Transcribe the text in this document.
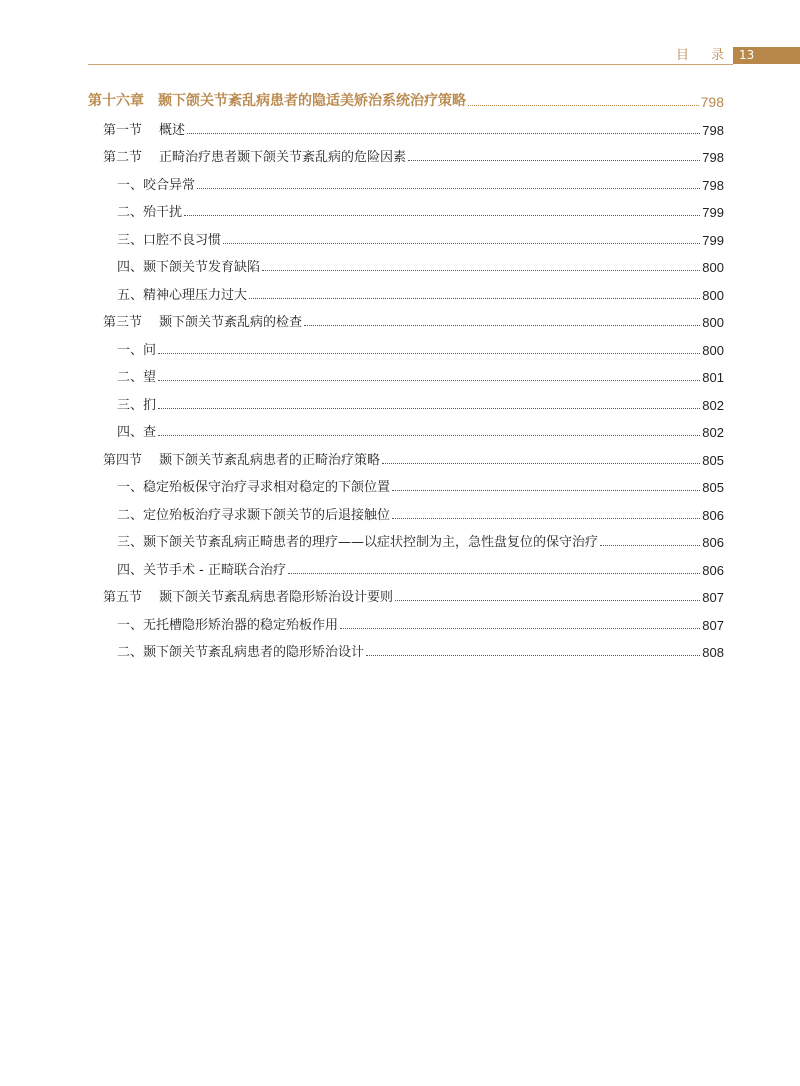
目 录	13
第十六章 颞下颌关节紊乱病患者的隐适美矫治系统治疗策略	798
第一节 概述	798
第二节 正畸治疗患者颞下颌关节紊乱病的危险因素	798
一、咬合异常	798
二、殆干扰	799
三、口腔不良习惯	799
四、颞下颌关节发育缺陷	800
五、精神心理压力过大	800
第三节 颞下颌关节紊乱病的检查	800
一、问	800
二、望	801
三、扪	802
四、查	802
第四节 颞下颌关节紊乱病患者的正畸治疗策略	805
一、稳定殆板保守治疗寻求相对稳定的下颌位置	805
二、定位殆板治疗寻求颞下颌关节的后退接触位	806
三、颞下颌关节紊乱病正畸患者的理疗——以症状控制为主，急性盘复位的保守治疗	806
四、关节手术 - 正畸联合治疗	806
第五节 颞下颌关节紊乱病患者隐形矫治设计要则	807
一、无托槽隐形矫治器的稳定殆板作用	807
二、颞下颌关节紊乱病患者的隐形矫治设计	808
